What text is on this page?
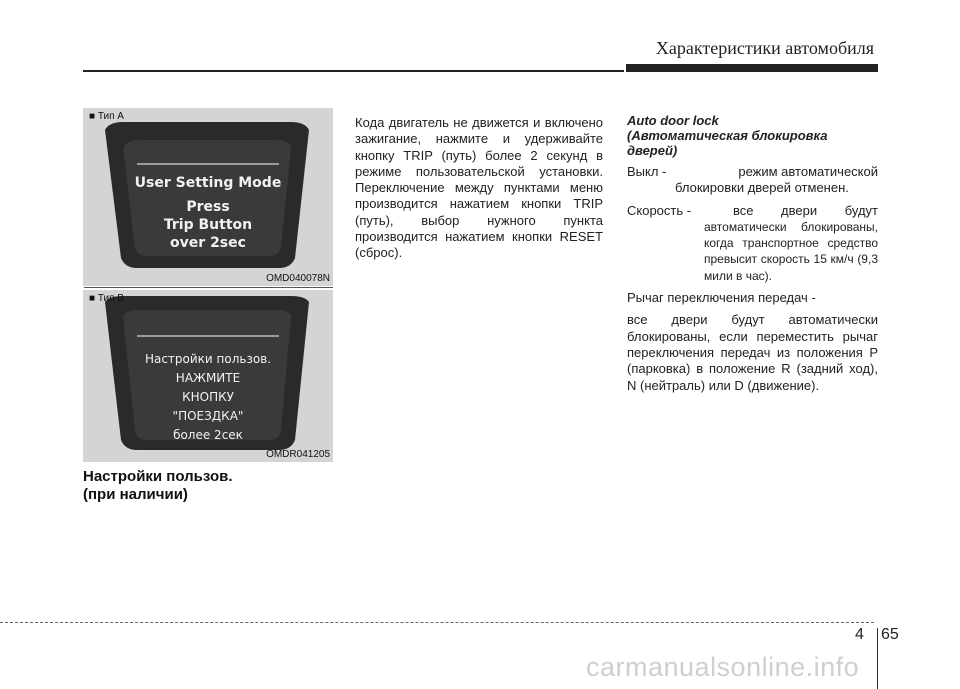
Характеристики автомобиля
■ Тип А
User Setting Mode
Press
Trip Button
over 2sec
OMD040078N
■ Тип В
Настройки пользов.
НАЖМИТЕ
КНОПКУ
"ПОЕЗДКА"
более 2сек
OMDR041205
Настройки пользов.
(при наличии)
Кода двигатель не движется и включено зажигание, нажмите и удерживайте кнопку TRIP (путь) более 2 секунд в режиме пользовательской установки. Переключение между пунктами меню производится нажатием кнопки TRIP (путь), выбор нужного пункта производится нажатием кнопки RESET (сброс).
Auto door lock
(Автоматическая блокировка дверей)
Выкл -	режим автоматической
блокировки дверей отменен.
Скорость -	все двери будут
автоматически блокированы, когда транспортное средство превысит скорость 15 км/ч (9,3 мили в час).
Рычаг переключения передач -
все двери будут автоматически блокированы, если переместить рычаг переключения передач из положения P (парковка) в положение R (задний ход), N (нейтраль) или D (движение).
4 65
carmanualsonline.info
